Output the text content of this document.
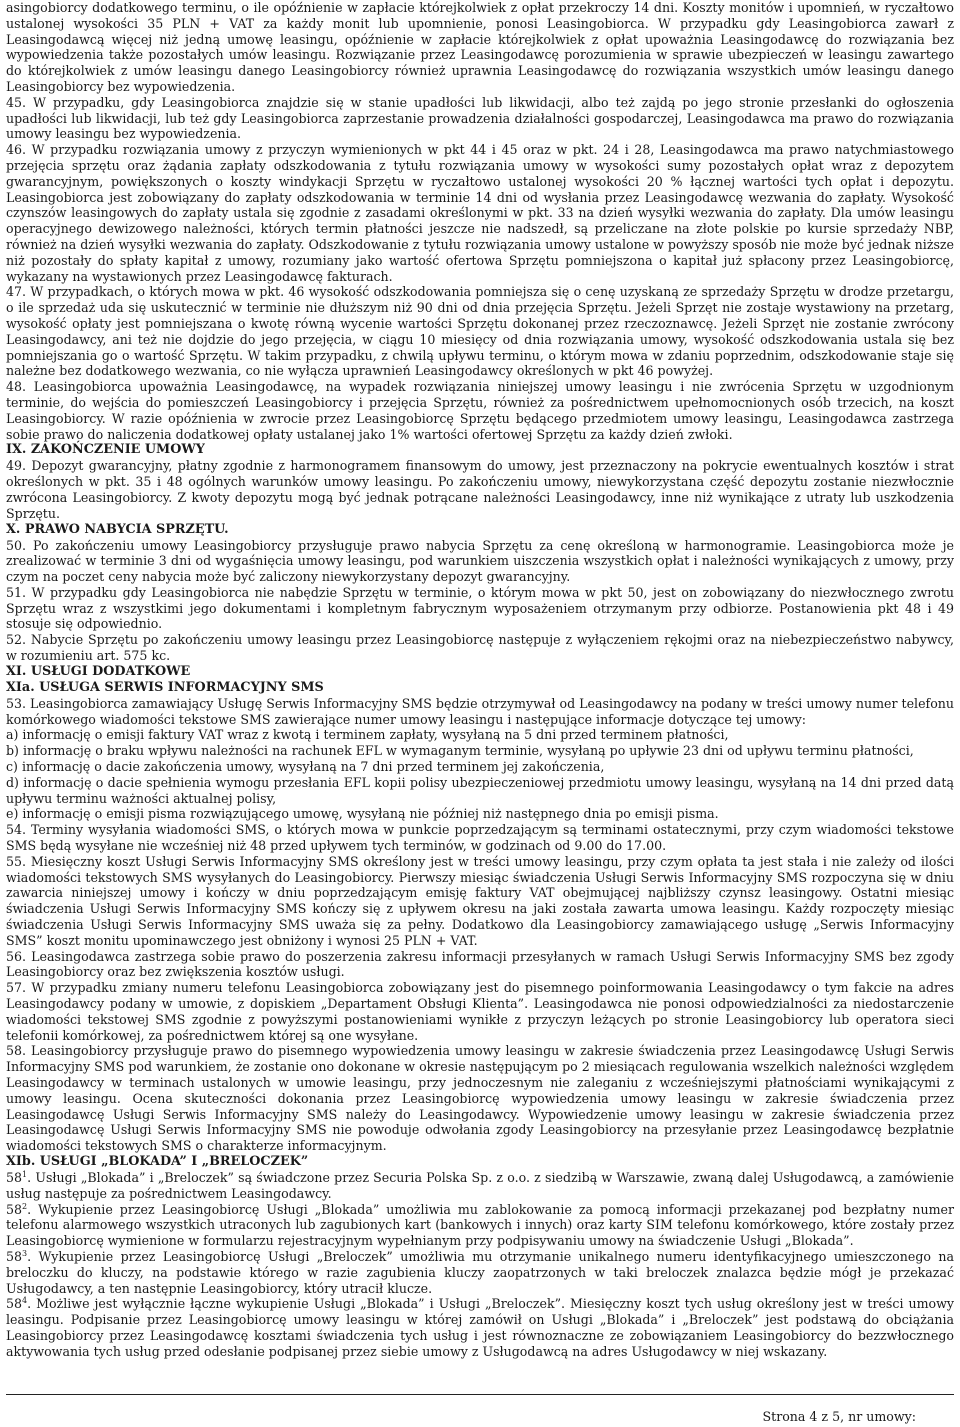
asingobiorcy dodatkowego terminu, o ile opóźnienie w zapłacie którejkolwiek z opłat przekroczy 14 dni. Koszty monitów i upomnień, w ryczałtowo ustalonej wysokości 35 PLN + VAT za każdy monit lub upomnienie, ponosi Leasingobiorca. W przypadku gdy Leasingobiorca zawarł z Leasingodawcą więcej niż jedną umowę leasingu, opóźnienie w zapłacie którejkolwiek z opłat upoważnia Leasingodawcę do rozwiązania bez wypowiedzenia także pozostałych umów leasingu. Rozwiązanie przez Leasingodawcę porozumienia w sprawie ubezpieczeń w leasingu zawartego do którejkolwiek z umów leasingu danego Leasingobiorcy również uprawnia Leasingodawcę do rozwiązania wszystkich umów leasingu danego Leasingobiorcy bez wypowiedzenia.

45. W przypadku, gdy Leasingobiorca znajdzie się w stanie upadłości lub likwidacji, albo też zajdą po jego stronie przesłanki do ogłoszenia upadłości lub likwidacji, lub też gdy Leasingobiorca zaprzestanie prowadzenia działalności gospodarczej, Leasingodawca ma prawo do rozwiązania umowy leasingu bez wypowiedzenia.

46. W przypadku rozwiązania umowy z przyczyn wymienionych w pkt 44 i 45 oraz w pkt. 24 i 28, Leasingodawca ma prawo natychmiastowego przejęcia sprzętu oraz żądania zapłaty odszkodowania z tytułu rozwiązania umowy w wysokości sumy pozostałych opłat wraz z depozytem gwarancyjnym, powiększonych o koszty windykacji Sprzętu w ryczałtowo ustalonej wysokości 20 % łącznej wartości tych opłat i depozytu. Leasingobiorca jest zobowiązany do zapłaty odszkodowania w terminie 14 dni od wysłania przez Leasingodawcę wezwania do zapłaty. Wysokość czynszów leasingowych do zapłaty ustala się zgodnie z zasadami określonymi w pkt. 33 na dzień wysyłki wezwania do zapłaty. Dla umów leasingu operacyjnego dewizowego należności, których termin płatności jeszcze nie nadszedł, są przeliczane na złote polskie po kursie sprzedaży NBP, również na dzień wysyłki wezwania do zapłaty. Odszkodowanie z tytułu rozwiązania umowy ustalone w powyższy sposób nie może być jednak niższe niż pozostały do spłaty kapitał z umowy, rozumiany jako wartość ofertowa Sprzętu pomniejszona o kapitał już spłacony przez Leasingobiorcę, wykazany na wystawionych przez Leasingodawcę fakturach.

47. W przypadkach, o których mowa w pkt. 46 wysokość odszkodowania pomniejsza się o cenę uzyskaną ze sprzedaży Sprzętu w drodze przetargu, o ile sprzedaż uda się uskutecznić w terminie nie dłuższym niż 90 dni od dnia przejęcia Sprzętu. Jeżeli Sprzęt nie zostaje wystawiony na przetarg, wysokość opłaty jest pomniejszana o kwotę równą wycenie wartości Sprzętu dokonanej przez rzeczoznawcę. Jeżeli Sprzęt nie zostanie zwrócony Leasingodawcy, ani też nie dojdzie do jego przejęcia, w ciągu 10 miesięcy od dnia rozwiązania umowy, wysokość odszkodowania ustala się bez pomniejszania go o wartość Sprzętu. W takim przypadku, z chwilą upływu terminu, o którym mowa w zdaniu poprzednim, odszkodowanie staje się należne bez dodatkowego wezwania, co nie wyłącza uprawnień Leasingodawcy określonych w pkt 46 powyżej.

48. Leasingobiorca upoważnia Leasingodawcę, na wypadek rozwiązania niniejszej umowy leasingu i nie zwrócenia Sprzętu w uzgodnionym terminie, do wejścia do pomieszczeń Leasingobiorcy i przejęcia Sprzętu, również za pośrednictwem upełnomocnionych osób trzecich, na koszt Leasingobiorcy. W razie opóźnienia w zwrocie przez Leasingobiorcę Sprzętu będącego przedmiotem umowy leasingu, Leasingodawca zastrzega sobie prawo do naliczenia dodatkowej opłaty ustalanej jako 1% wartości ofertowej Sprzętu za każdy dzień zwłoki.

IX. ZAKOŃCZENIE UMOWY

49. Depozyt gwarancyjny, płatny zgodnie z harmonogramem finansowym do umowy, jest przeznaczony na pokrycie ewentualnych kosztów i strat określonych w pkt. 35 i 48 ogólnych warunków umowy leasingu. Po zakończeniu umowy, niewykorzystana część depozytu zostanie niezwłocznie zwrócona Leasingobiorcy. Z kwoty depozytu mogą być jednak potrącane należności Leasingodawcy, inne niż wynikające z utraty lub uszkodzenia Sprzętu.

X. PRAWO NABYCIA SPRZĘTU.

50. Po zakończeniu umowy Leasingobiorcy przysługuje prawo nabycia Sprzętu za cenę określoną w harmonogramie. Leasingobiorca może je zrealizować w terminie 3 dni od wygaśnięcia umowy leasingu, pod warunkiem uiszczenia wszystkich opłat i należności wynikających z umowy, przy czym na poczet ceny nabycia może być zaliczony niewykorzystany depozyt gwarancyjny.

51. W przypadku gdy Leasingobiorca nie nabędzie Sprzętu w terminie, o którym mowa w pkt 50, jest on zobowiązany do niezwłocznego zwrotu Sprzętu wraz z wszystkimi jego dokumentami i kompletnym fabrycznym wyposażeniem otrzymanym przy odbiorze. Postanowienia pkt 48 i 49 stosuje się odpowiednio.

52. Nabycie Sprzętu po zakończeniu umowy leasingu przez Leasingobiorcę następuje z wyłączeniem rękojmi oraz na niebezpieczeństwo nabywcy, w rozumieniu art. 575 kc.

XI. USŁUGI DODATKOWE
XIa. USŁUGA SERWIS INFORMACYJNY SMS

53. Leasingobiorca zamawiający Usługę Serwis Informacyjny SMS będzie otrzymywał od Leasingodawcy na podany w treści umowy numer telefonu komórkowego wiadomości tekstowe SMS zawierające numer umowy leasingu i następujące informacje dotyczące tej umowy:

a) informację o emisji faktury VAT wraz z kwotą i terminem zapłaty, wysyłaną na 5 dni przed terminem płatności,

b) informację o braku wpływu należności na rachunek EFL w wymaganym terminie, wysyłaną po upływie 23 dni od upływu terminu płatności,

c) informację o dacie zakończenia umowy, wysyłaną na 7 dni przed terminem jej zakończenia,

d) informację o dacie spełnienia wymogu przesłania EFL kopii polisy ubezpieczeniowej przedmiotu umowy leasingu, wysyłaną na 14 dni przed datą upływu terminu ważności aktualnej polisy,

e) informację o emisji pisma rozwiązującego umowę, wysyłaną nie później niż następnego dnia po emisji pisma.

54. Terminy wysyłania wiadomości SMS, o których mowa w punkcie poprzedzającym są terminami ostatecznymi, przy czym wiadomości tekstowe SMS będą wysyłane nie wcześniej niż 48 przed upływem tych terminów, w godzinach od 9.00 do 17.00.

55. Miesięczny koszt Usługi Serwis Informacyjny SMS określony jest w treści umowy leasingu, przy czym opłata ta jest stała i nie zależy od ilości wiadomości tekstowych SMS wysyłanych do Leasingobiorcy. Pierwszy miesiąc świadczenia Usługi Serwis Informacyjny SMS rozpoczyna się w dniu zawarcia niniejszej umowy i kończy w dniu poprzedzającym emisję faktury VAT obejmującej najbliższy czynsz leasingowy. Ostatni miesiąc świadczenia Usługi Serwis Informacyjny SMS kończy się z upływem okresu na jaki została zawarta umowa leasingu. Każdy rozpoczęty miesiąc świadczenia Usługi Serwis Informacyjny SMS uważa się za pełny. Dodatkowo dla Leasingobiorcy zamawiającego usługę „Serwis Informacyjny SMS” koszt monitu upominawczego jest obniżony i wynosi 25 PLN + VAT.

56. Leasingodawca zastrzega sobie prawo do poszerzenia zakresu informacji przesyłanych w ramach Usługi Serwis Informacyjny SMS bez zgody Leasingobiorcy oraz bez zwiększenia kosztów usługi.

57. W przypadku zmiany numeru telefonu Leasingobiorca zobowiązany jest do pisemnego poinformowania Leasingodawcy o tym fakcie na adres Leasingodawcy podany w umowie, z dopiskiem „Departament Obsługi Klienta”. Leasingodawca nie ponosi odpowiedzialności za niedostarczenie wiadomości tekstowej SMS zgodnie z powyższymi postanowieniami wynikłe z przyczyn leżących po stronie Leasingobiorcy lub operatora sieci telefonii komórkowej, za pośrednictwem której są one wysyłane.

58. Leasingobiorcy przysługuje prawo do pisemnego wypowiedzenia umowy leasingu w zakresie świadczenia przez Leasingodawcę Usługi Serwis Informacyjny SMS pod warunkiem, że zostanie ono dokonane w okresie następującym po 2 miesiącach regulowania wszelkich należności względem Leasingodawcy w terminach ustalonych w umowie leasingu, przy jednoczesnym nie zaleganiu z wcześniejszymi płatnościami wynikającymi z umowy leasingu. Ocena skuteczności dokonania przez Leasingobiorcę wypowiedzenia umowy leasingu w zakresie świadczenia przez Leasingodawcę Usługi Serwis Informacyjny SMS należy do Leasingodawcy. Wypowiedzenie umowy leasingu w zakresie świadczenia przez Leasingodawcę Usługi Serwis Informacyjny SMS nie powoduje odwołania zgody Leasingobiorcy na przesyłanie przez Leasingodawcę bezpłatnie wiadomości tekstowych SMS o charakterze informacyjnym.

XIb. USŁUGI „BLOKADA” I „BRELOCZEK”

$58^1$. Usługi „Blokada” i „Breloczek” są świadczone przez Securia Polska Sp. z o.o. z siedzibą w Warszawie, zwaną dalej Usługodawcą, a zamówienie usług następuje za pośrednictwem Leasingodawcy.

$58^2$. Wykupienie przez Leasingobiorcę Usługi „Blokada” umożliwia mu zablokowanie za pomocą informacji przekazanej pod bezpłatny numer telefonu alarmowego wszystkich utraconych lub zagubionych kart (bankowych i innych) oraz karty SIM telefonu komórkowego, które zostały przez Leasingobiorcę wymienione w formularzu rejestracyjnym wypełnianym przy podpisywaniu umowy na świadczenie Usługi „Blokada”.

$58^3$. Wykupienie przez Leasingobiorcę Usługi „Breloczek” umożliwia mu otrzymanie unikalnego numeru identyfikacyjnego umieszczonego na breloczku do kluczy, na podstawie którego w razie zagubienia kluczy zaopatrzonych w taki breloczek znalazca będzie mógł je przekazać Usługodawcy, a ten następnie Leasingobiorcy, który utracił klucze.

$58^4$. Możliwe jest wyłącznie łączne wykupienie Usługi „Blokada” i Usługi „Breloczek”. Miesięczny koszt tych usług określony jest w treści umowy leasingu. Podpisanie przez Leasingobiorcę umowy leasingu w której zamówił on Usługi „Blokada” i „Breloczek” jest podstawą do obciążania Leasingobiorcy przez Leasingodawcę kosztami świadczenia tych usług i jest równoznaczne ze zobowiązaniem Leasingobiorcy do bezzwłocznego aktywowania tych usług przed odesłanie podpisanej przez siebie umowy z Usługodawcą na adres Usługodawcy w niej wskazany.

Strona 4 z 5, nr umowy:
